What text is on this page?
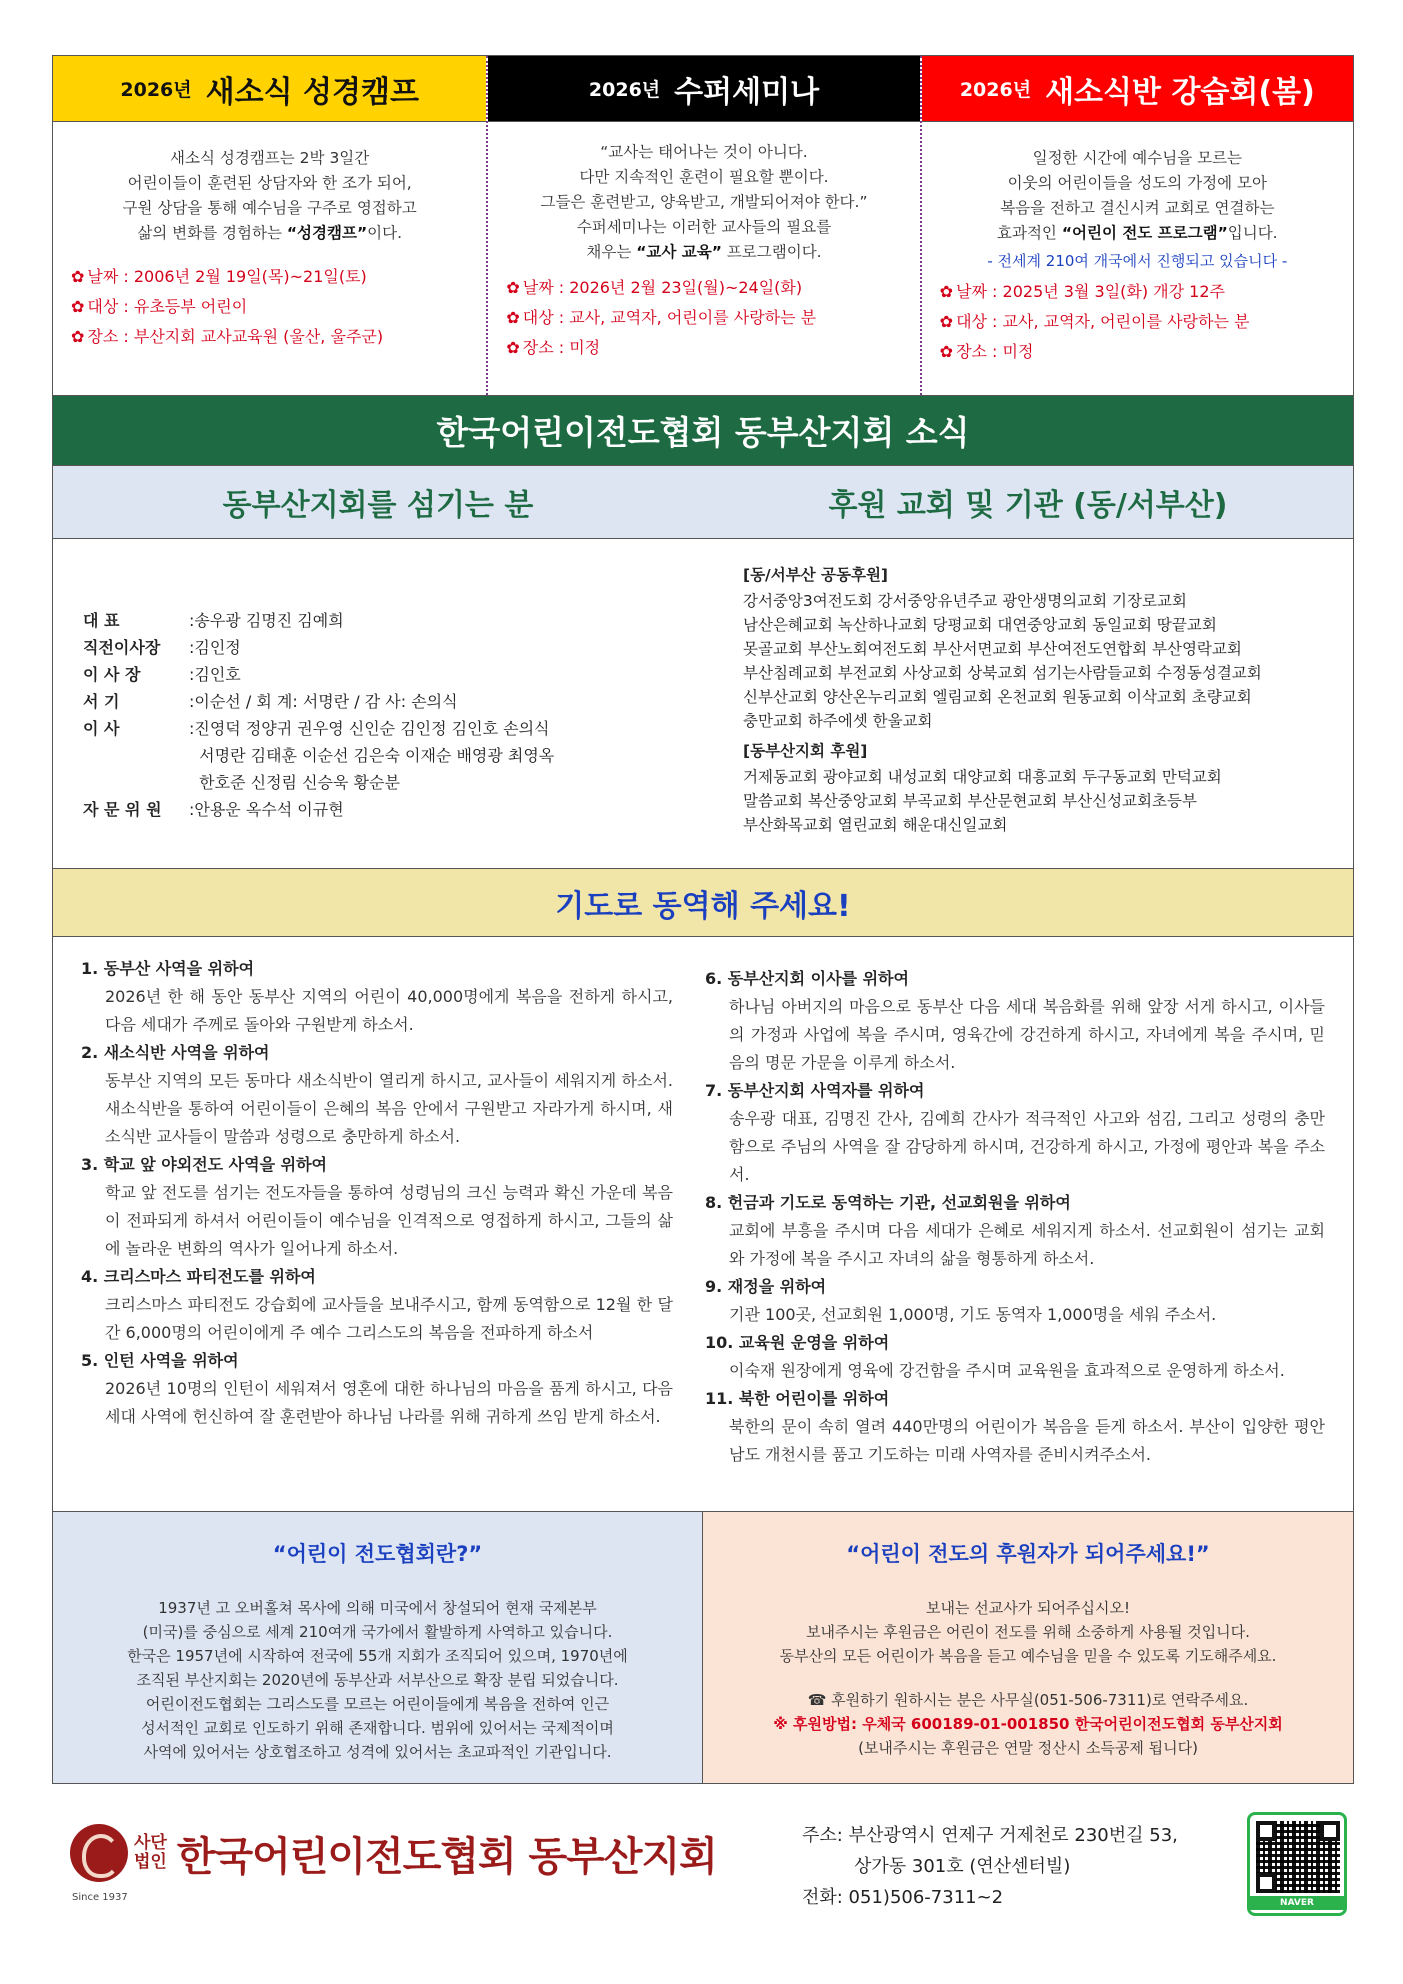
2026년 새소식 성경캠프
새소식 성경캠프는 2박 3일간
어린이들이 훈련된 상담자와 한 조가 되어,
구원 상담을 통해 예수님을 구주로 영접하고
삶의 변화를 경험하는 “성경캠프”이다.
✿ 날짜 : 2006년 2월 19일(목)~21일(토)
✿ 대상 : 유초등부 어린이
✿ 장소 : 부산지회 교사교육원 (울산, 울주군)
2026년 수퍼세미나
“교사는 태어나는 것이 아니다.
다만 지속적인 훈련이 필요할 뿐이다.
그들은 훈련받고, 양육받고, 개발되어져야 한다.”
수퍼세미나는 이러한 교사들의 필요를
채우는 “교사 교육” 프로그램이다.
✿ 날짜 : 2026년 2월 23일(월)~24일(화)
✿ 대상 : 교사, 교역자, 어린이를 사랑하는 분
✿ 장소 : 미정
2026년 새소식반 강습회(봄)
일정한 시간에 예수님을 모르는
이웃의 어린이들을 성도의 가정에 모아
복음을 전하고 결신시켜 교회로 연결하는
효과적인 “어린이 전도 프로그램”입니다.
- 전세계 210여 개국에서 진행되고 있습니다 -
✿ 날짜 : 2025년 3월 3일(화) 개강 12주
✿ 대상 : 교사, 교역자, 어린이를 사랑하는 분
✿ 장소 : 미정
한국어린이전도협회 동부산지회 소식
동부산지회를 섬기는 분	후원 교회 및 기관 (동/서부산)
대 표	: 송우광 김명진 김예희
직전이사장	: 김인정
이 사 장	: 김인호
서 기	: 이순선 / 회 계: 서명란 / 감 사: 손의식
이 사	: 진영덕 정양귀 권우영 신인순 김인정 김인호 손의식

서명란 김태훈 이순선 김은숙 이재순 배영광 최영옥

한호준 신정림 신승욱 황순분
자 문 위 원	: 안용운 옥수석 이규현
[동/서부산 공동후원]
강서중앙3여전도회 강서중앙유년주교 광안생명의교회 기장로교회
남산은혜교회 녹산하나교회 당평교회 대연중앙교회 동일교회 땅끝교회
못골교회 부산노회여전도회 부산서면교회 부산여전도연합회 부산영락교회
부산침례교회 부전교회 사상교회 상북교회 섬기는사람들교회 수정동성결교회
신부산교회 양산온누리교회 엘림교회 온천교회 원동교회 이삭교회 초량교회
충만교회 하주에셋 한울교회
[동부산지회 후원]
거제동교회 광야교회 내성교회 대양교회 대흥교회 두구동교회 만덕교회
말씀교회 복산중앙교회 부곡교회 부산문현교회 부산신성교회초등부
부산화목교회 열린교회 해운대신일교회
기도로 동역해 주세요!
1. 동부산 사역을 위하여
2026년 한 해 동안 동부산 지역의 어린이 40,000명에게 복음을 전하게 하시고, 다음 세대가 주께로 돌아와 구원받게 하소서.
2. 새소식반 사역을 위하여
동부산 지역의 모든 동마다 새소식반이 열리게 하시고, 교사들이 세워지게 하소서. 새소식반을 통하여 어린이들이 은혜의 복음 안에서 구원받고 자라가게 하시며, 새소식반 교사들이 말씀과 성령으로 충만하게 하소서.
3. 학교 앞 야외전도 사역을 위하여
학교 앞 전도를 섬기는 전도자들을 통하여 성령님의 크신 능력과 확신 가운데 복음이 전파되게 하셔서 어린이들이 예수님을 인격적으로 영접하게 하시고, 그들의 삶에 놀라운 변화의 역사가 일어나게 하소서.
4. 크리스마스 파티전도를 위하여
크리스마스 파티전도 강습회에 교사들을 보내주시고, 함께 동역함으로 12월 한 달간 6,000명의 어린이에게 주 예수 그리스도의 복음을 전파하게 하소서
5. 인턴 사역을 위하여
2026년 10명의 인턴이 세워져서 영혼에 대한 하나님의 마음을 품게 하시고, 다음 세대 사역에 헌신하여 잘 훈련받아 하나님 나라를 위해 귀하게 쓰임 받게 하소서.
6. 동부산지회 이사를 위하여
하나님 아버지의 마음으로 동부산 다음 세대 복음화를 위해 앞장 서게 하시고, 이사들의 가정과 사업에 복을 주시며, 영육간에 강건하게 하시고, 자녀에게 복을 주시며, 믿음의 명문 가문을 이루게 하소서.
7. 동부산지회 사역자를 위하여
송우광 대표, 김명진 간사, 김예희 간사가 적극적인 사고와 섬김, 그리고 성령의 충만함으로 주님의 사역을 잘 감당하게 하시며, 건강하게 하시고, 가정에 평안과 복을 주소서.
8. 헌금과 기도로 동역하는 기관, 선교회원을 위하여
교회에 부흥을 주시며 다음 세대가 은혜로 세워지게 하소서. 선교회원이 섬기는 교회와 가정에 복을 주시고 자녀의 삶을 형통하게 하소서.
9. 재정을 위하여
기관 100곳, 선교회원 1,000명, 기도 동역자 1,000명을 세워 주소서.
10. 교육원 운영을 위하여
이숙재 원장에게 영육에 강건함을 주시며 교육원을 효과적으로 운영하게 하소서.
11. 북한 어린이를 위하여
북한의 문이 속히 열려 440만명의 어린이가 복음을 듣게 하소서. 부산이 입양한 평안남도 개천시를 품고 기도하는 미래 사역자를 준비시켜주소서.
“어린이 전도협회란?”
1937년 고 오버홀쳐 목사에 의해 미국에서 창설되어 현재 국제본부
(미국)를 중심으로 세계 210여개 국가에서 활발하게 사역하고 있습니다.
한국은 1957년에 시작하여 전국에 55개 지회가 조직되어 있으며, 1970년에
조직된 부산지회는 2020년에 동부산과 서부산으로 확장 분립 되었습니다.
어린이전도협회는 그리스도를 모르는 어린이들에게 복음을 전하여 인근
성서적인 교회로 인도하기 위해 존재합니다. 범위에 있어서는 국제적이며
사역에 있어서는 상호협조하고 성격에 있어서는 초교파적인 기관입니다.
“어린이 전도의 후원자가 되어주세요!”
보내는 선교사가 되어주십시오!
보내주시는 후원금은 어린이 전도를 위해 소중하게 사용될 것입니다.
동부산의 모든 어린이가 복음을 듣고 예수님을 믿을 수 있도록 기도해주세요.
☎ 후원하기 원하시는 분은 사무실(051-506-7311)로 연락주세요.
※ 후원방법: 우체국 600189-01-001850 한국어린이전도협회 동부산지회
(보내주시는 후원금은 연말 정산시 소득공제 됩니다)
사단
법인 한국어린이전도협회 동부산지회
Since 1937
주소: 부산광역시 연제구 거제천로 230번길 53,
상가동 301호 (연산센터빌)
전화: 051)506-7311~2	NAVER
